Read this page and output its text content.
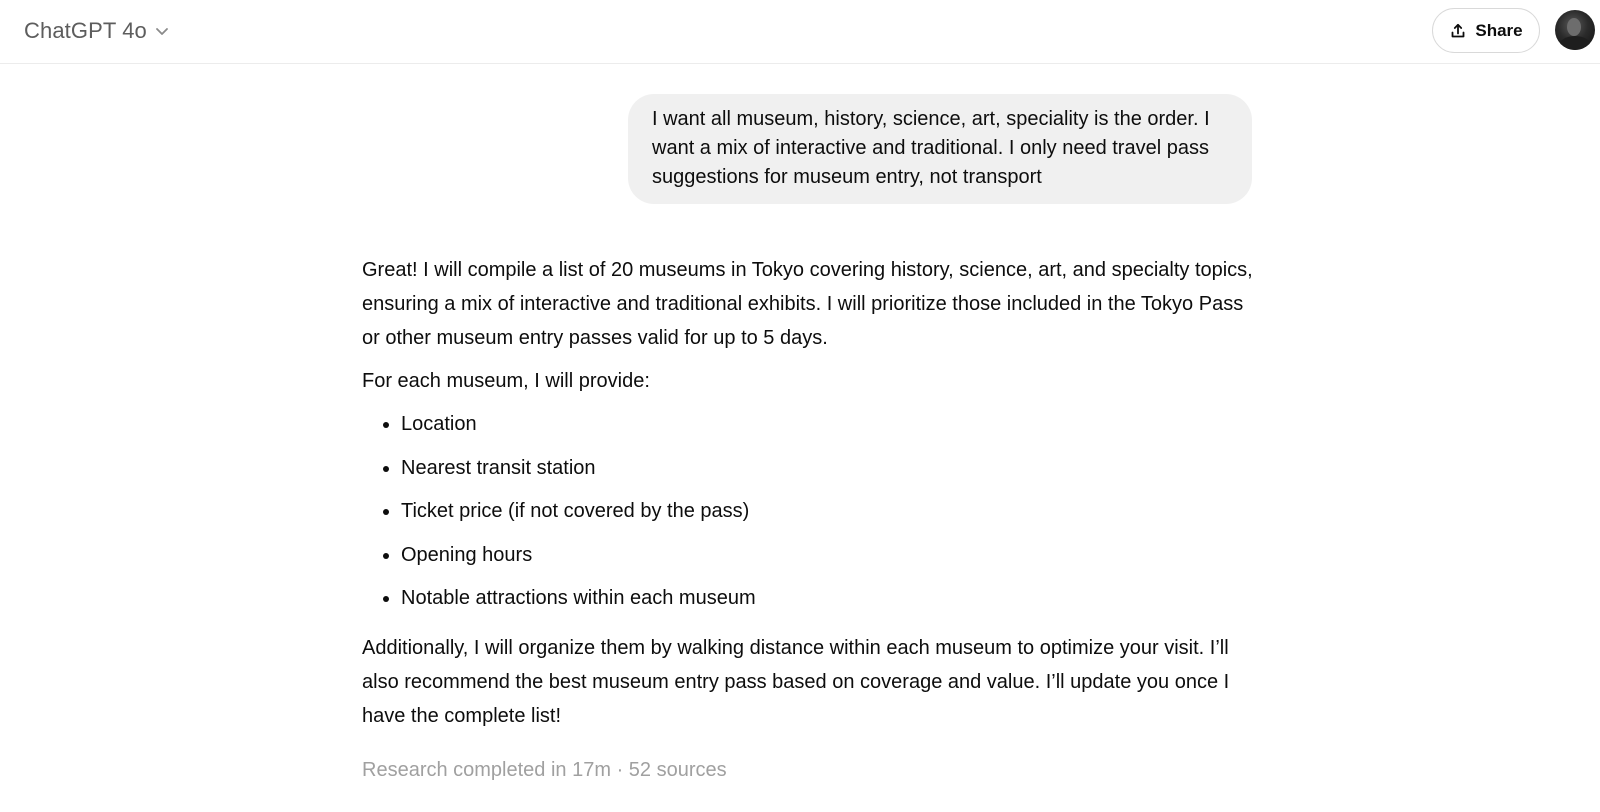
ChatGPT 4o	Share
I want all museum, history, science, art, speciality is the order. I want a mix of interactive and traditional. I only need travel pass suggestions for museum entry, not transport

Great! I will compile a list of 20 museums in Tokyo covering history, science, art, and specialty topics, ensuring a mix of interactive and traditional exhibits. I will prioritize those included in the Tokyo Pass or other museum entry passes valid for up to 5 days.

For each museum, I will provide:

• Location
• Nearest transit station
• Ticket price (if not covered by the pass)
• Opening hours
• Notable attractions within each museum

Additionally, I will organize them by walking distance within each museum to optimize your visit. I’ll also recommend the best museum entry pass based on coverage and value. I’ll update you once I have the complete list!

Research completed in 17m · 52 sources
